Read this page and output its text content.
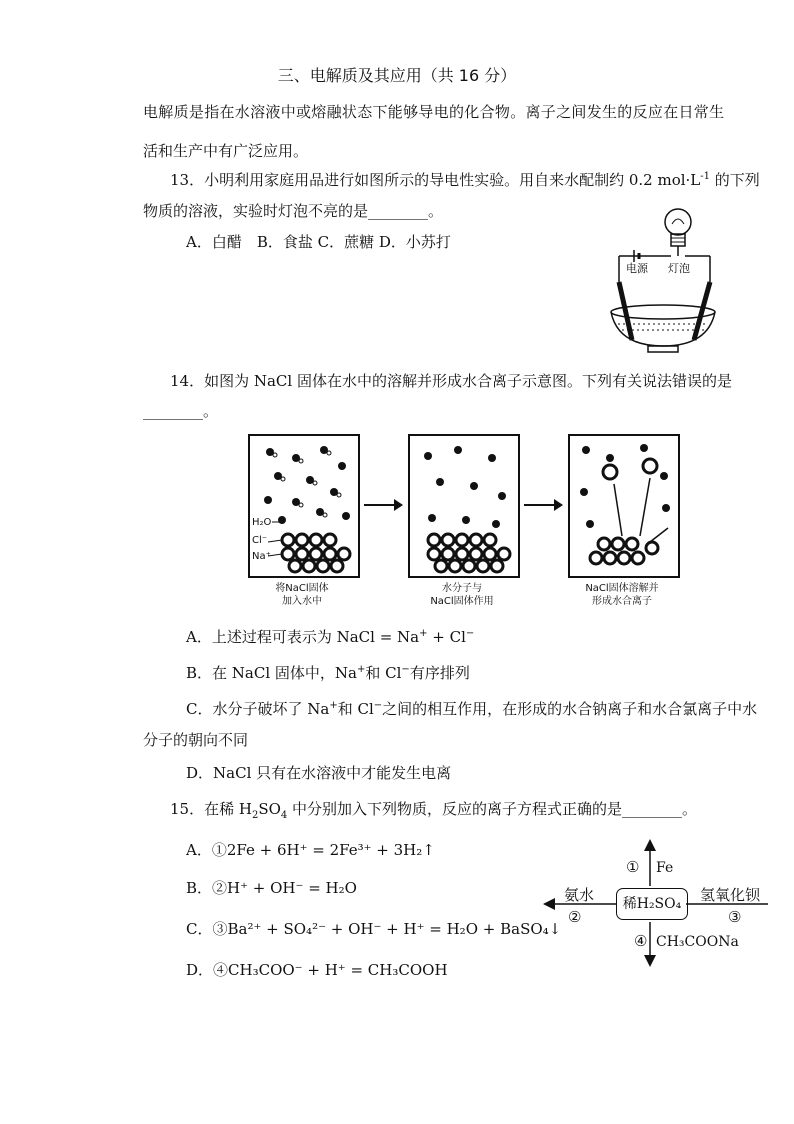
三、电解质及其应用（共 16 分）
电解质是指在水溶液中或熔融状态下能够导电的化合物。离子之间发生的反应在日常生
活和生产中有广泛应用。
13．小明利用家庭用品进行如图所示的导电性实验。用自来水配制约 0.2 $mol\cdot L^{-1}$ 的下列
物质的溶液，实验时灯泡不亮的是________。
A．白醋　B．食盐 C．蔗糖 D．小苏打
电源 灯泡
14．如图为 NaCl 固体在水中的溶解并形成水合离子示意图。下列有关说法错误的是
________。
H₂O
Cl⁻
Na⁺
将NaCl固体
加入水中
水分子与
NaCl固体作用
NaCl固体溶解并
形成水合离子
A．上述过程可表示为 NaCl = Na+ + Cl−
B．在 NaCl 固体中，Na+和 Cl−有序排列
C．水分子破坏了 Na+和 Cl−之间的相互作用，在形成的水合钠离子和水合氯离子中水
分子的朝向不同
D．NaCl 只有在水溶液中才能发生电离
15．在稀 $H_2SO_4$ 中分别加入下列物质，反应的离子方程式正确的是________。
A．①2Fe + 6H⁺ = 2Fe³⁺ + 3H₂↑
B．②H⁺ + OH⁻ = H₂O
C．③Ba²⁺ + SO₄²⁻ + OH⁻ + H⁺ = H₂O + BaSO₄↓
D．④CH₃COO⁻ + H⁺ = CH₃COOH
稀H₂SO₄
① Fe
氨水
②
氢氧化钡
③
④ CH₃COONa
